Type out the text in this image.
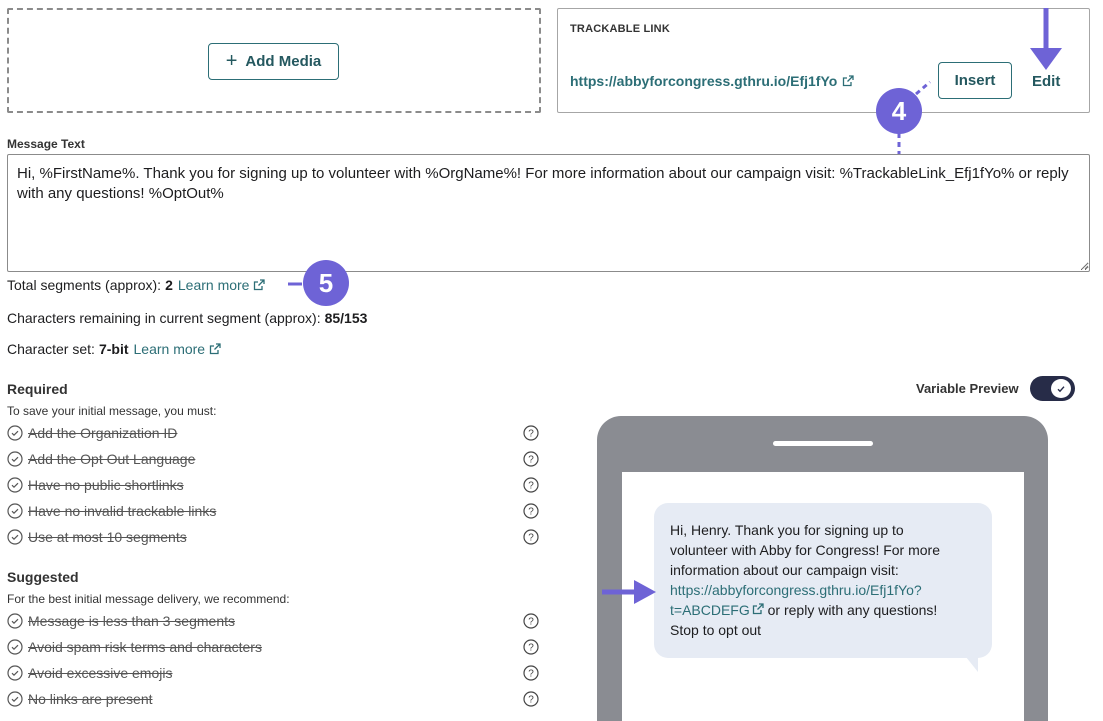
+ Add Media
TRACKABLE LINK
https://abbyforcongress.gthru.io/Efj1fYo	Insert	Edit
Message Text
Hi, %FirstName%. Thank you for signing up to volunteer with %OrgName%! For more information about our campaign visit: %TrackableLink_Efj1fYo% or reply with any questions! %OptOut%
Total segments (approx): 2 Learn more
Characters remaining in current segment (approx): 85/153
Character set: 7-bit Learn more
Required
To save your initial message, you must:
Add the Organization ID
Add the Opt Out Language
Have no public shortlinks
Have no invalid trackable links
Use at most 10 segments
?
?
?
?
?
Suggested
For the best initial message delivery, we recommend:
Message is less than 3 segments
Avoid spam risk terms and characters
Avoid excessive emojis
No links are present
?
?
?
?
Variable Preview
Hi, Henry. Thank you for signing up to
volunteer with Abby for Congress! For more
information about our campaign visit:
https://abbyforcongress.gthru.io/Efj1fYo?
t=ABCDEFG or reply with any questions!
Stop to opt out
4
5
